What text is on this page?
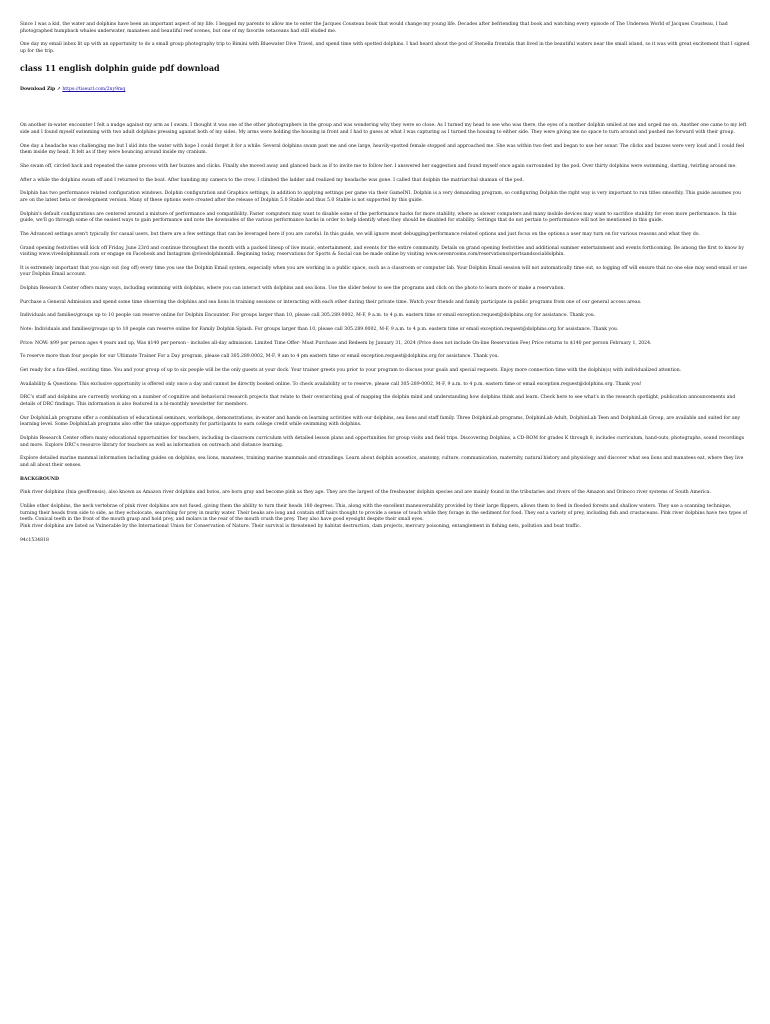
Since I was a kid, the water and dolphins have been an important aspect of my life. I begged my parents to allow me to enter the Jacques Cousteau book that would change my young life. Decades after befriending that book and watching every episode of The Undersea World of Jacques Cousteau, I had photographed humpback whales underwater, manatees and beautiful reef scenes, but one of my favorite cetaceans had still eluded me.

One day my email inbox lit up with an opportunity to do a small group photography trip to Bimini with Bluewater Dive Travel, and spend time with spotted dolphins. I had heard about the pod of Stenella frontalis that lived in the beautiful waters near the small island, so it was with great excitement that I signed up for the trip.

class 11 english dolphin guide pdf download

Download Zip ↗ https://tiseurl.com/2ny9mq

On another in-water encounter I felt a nudge against my arm as I swam. I thought it was one of the other photographers in the group and was wondering why they were so close. As I turned my head to see who was there, the eyes of a mother dolphin smiled at me and urged me on. Another one came to my left side and I found myself swimming with two adult dolphins pressing against both of my sides. My arms were holding the housing in front and I had to guess at what I was capturing as I turned the housing to either side. They were giving me no space to turn around and pushed me forward with their group.

One day a headache was challenging me but I slid into the water with hope I could forget it for a while. Several dolphins swam past me and one large, heavily-spotted female stopped and approached me. She was within two feet and began to use her sonar. The clicks and buzzes were very loud and I could feel them inside my head. It felt as if they were bouncing around inside my cranium.

She swam off, circled back and repeated the same process with her buzzes and clicks. Finally she moved away and glanced back as if to invite me to follow her. I answered her suggestion and found myself once again surrounded by the pod. Over thirty dolphins were swimming, darting, twirling around me.

After a while the dolphins swam off and I returned to the boat. After handing my camera to the crew, I climbed the ladder and realized my headache was gone. I called that dolphin the matriarchal shaman of the pod.

Dolphin has two performance related configuration windows. Dolphin configuration and Graphics settings, in addition to applying settings per game via their GameINI. Dolphin is a very demanding program, so configuring Dolphin the right way is very important to run titles smoothly. This guide assumes you are on the latest beta or development version. Many of these options were created after the release of Dolphin 5.0 Stable and thus 5.0 Stable is not supported by this guide.

Dolphin's default configurations are centered around a mixture of performance and compatibility. Faster computers may want to disable some of the performance hacks for more stability, where as slower computers and many mobile devices may want to sacrifice stability for even more performance. In this guide, we'll go through some of the easiest ways to gain performance and note the downsides of the various performance hacks in order to help identify when they should be disabled for stability. Settings that do not pertain to performance will not be mentioned in this guide.

The Advanced settings aren't typically for casual users, but there are a few settings that can be leveraged here if you are careful. In this guide, we will ignore most debugging/performance related options and just focus on the options a user may turn on for various reasons and what they do.

Grand opening festivities will kick off Friday, June 23rd and continue throughout the month with a packed lineup of live music, entertainment, and events for the entire community. Details on grand opening festivities and additional summer entertainment and events forthcoming. Be among the first to know by visiting www.vivedolphinmall.com or engage on Facebook and Instagram @vivedolphinmall. Beginning today, reservations for Sports & Social can be made online by visiting www.sevenrooms.com/reservations/sportsandsocialdolphin.

It is extremely important that you sign out (log off) every time you use the Dolphin Email system, especially when you are working in a public space, such as a classroom or computer lab. Your Dolphin Email session will not automatically time out, so logging off will ensure that no one else may send email or use your Dolphin Email account.

Dolphin Research Center offers many ways, including swimming with dolphins, where you can interact with dolphins and sea lions. Use the slider below to see the programs and click on the photo to learn more or make a reservation.

Purchase a General Admission and spend some time observing the dolphins and sea lions in training sessions or interacting with each other during their private time. Watch your friends and family participate in public programs from one of our general access areas.

Individuals and families/groups up to 10 people can reserve online for Dolphin Encounter. For groups larger than 10, please call 305.289.0002, M-F, 9 a.m. to 4 p.m. eastern time or email exception.request@dolphins.org for assistance. Thank you.

Note: Individuals and families/groups up to 10 people can reserve online for Family Dolphin Splash. For groups larger than 10, please call 305.289.0002, M-F, 9 a.m. to 4 p.m. eastern time or email exception.request@dolphins.org for assistance. Thank you.

Price: NOW: $99 per person ages 4 years and up, Was $140 per person - includes all-day admission. Limited Time Offer- Must Purchase and Redeem by January 31, 2024 (Price does not include On-line Reservation Fee) Price returns to $140 per person February 1, 2024.

To reserve more than four people for our Ultimate Trainer For a Day program, please call 305.289.0002, M-F, 9 am to 4 pm eastern time or email exception.request@dolphins.org for assistance. Thank you.

Get ready for a fun-filled, exciting time. You and your group of up to six people will be the only guests at your dock. Your trainer greets you prior to your program to discuss your goals and special requests. Enjoy more connection time with the dolphin(s) with individualized attention.

Availability & Questions: This exclusive opportunity is offered only once a day and cannot be directly booked online. To check availability or to reserve, please call 305-289-0002, M-F, 9 a.m. to 4 p.m. eastern time or email exception.request@dolphins.org. Thank you!

DRC's staff and dolphins are currently working on a number of cognitive and behavioral research projects that relate to their overarching goal of mapping the dolphin mind and understanding how dolphins think and learn. Check here to see what's in the research spotlight, publication announcements and details of DRC findings. This information is also featured in a bi-monthly newsletter for members.

Our DolphinLab programs offer a combination of educational seminars, workshops, demonstrations, in-water and hands-on learning activities with our dolphins, sea lions and staff family. Three DolphinLab programs, DolphinLab Adult, DolphinLab Teen and DolphinLab Group, are available and suited for any learning level. Some DolphinLab programs also offer the unique opportunity for participants to earn college credit while swimming with dolphins.

Dolphin Research Center offers many educational opportunities for teachers, including in-classroom curriculum with detailed lesson plans and opportunities for group visits and field trips. Discovering Dolphins, a CD-ROM for grades K through 8, includes curriculum, hand-outs, photographs, sound recordings and more. Explore DRC's resource library for teachers as well as information on outreach and distance learning.

Explore detailed marine mammal information including guides on dolphins, sea lions, manatees, training marine mammals and strandings. Learn about dolphin acoustics, anatomy, culture, communication, maternity, natural history and physiology and discover what sea lions and manatees eat, where they live and all about their senses.

BACKGROUND

Pink river dolphins (Inia geoffrensis), also known as Amazon river dolphins and botos, are born gray and become pink as they age. They are the largest of the freshwater dolphin species and are mainly found in the tributaries and rivers of the Amazon and Orinoco river systems of South America.

Unlike other dolphins, the neck vertebrae of pink river dolphins are not fused, giving them the ability to turn their heads 180 degrees. This, along with the excellent maneuverability provided by their large flippers, allows them to feed in flooded forests and shallow waters. They use a scanning technique, turning their heads from side to side, as they echolocate, searching for prey in murky water. Their beaks are long and contain stiff hairs thought to provide a sense of touch while they forage in the sediment for food. They eat a variety of prey, including fish and crustaceans. Pink river dolphins have two types of teeth: Conical teeth in the front of the mouth grasp and hold prey, and molars in the rear of the mouth crush the prey. They also have good eyesight despite their small eyes.

Pink river dolphins are listed as Vulnerable by the International Union for Conservation of Nature. Their survival is threatened by habitat destruction, dam projects, mercury poisoning, entanglement in fishing nets, pollution and boat traffic.

94c1534818
